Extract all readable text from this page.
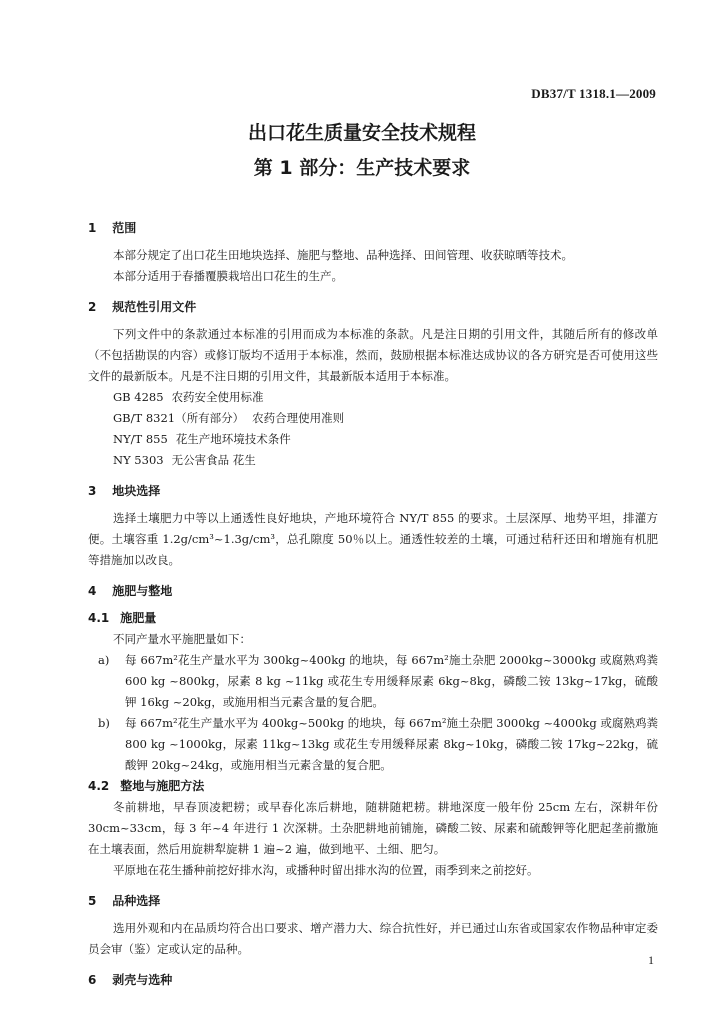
DB37/T 1318.1—2009
出口花生质量安全技术规程
第 1 部分：生产技术要求
1 范围
本部分规定了出口花生田地块选择、施肥与整地、品种选择、田间管理、收获晾晒等技术。
本部分适用于春播覆膜栽培出口花生的生产。
2 规范性引用文件
下列文件中的条款通过本标准的引用而成为本标准的条款。凡是注日期的引用文件，其随后所有的修改单（不包括勘误的内容）或修订版均不适用于本标准，然而，鼓励根据本标准达成协议的各方研究是否可使用这些文件的最新版本。凡是不注日期的引用文件，其最新版本适用于本标准。
GB 4285 农药安全使用标准
GB/T 8321（所有部分） 农药合理使用准则
NY/T 855 花生产地环境技术条件
NY 5303 无公害食品 花生
3 地块选择
选择土壤肥力中等以上通透性良好地块，产地环境符合 NY/T 855 的要求。土层深厚、地势平坦，排灌方便。土壤容重 1.2g/cm³~1.3g/cm³，总孔隙度 50％以上。通透性较差的土壤，可通过秸秆还田和增施有机肥等措施加以改良。
4 施肥与整地
4.1 施肥量
不同产量水平施肥量如下：
a) 每 667m²花生产量水平为 300kg~400kg 的地块，每 667m²施土杂肥 2000kg~3000kg 或腐熟鸡粪 600 kg ~800kg，尿素 8 kg ~11kg 或花生专用缓释尿素 6kg~8kg，磷酸二铵 13kg~17kg，硫酸钾 16kg ~20kg，或施用相当元素含量的复合肥。
b) 每 667m²花生产量水平为 400kg~500kg 的地块，每 667m²施土杂肥 3000kg ~4000kg 或腐熟鸡粪 800 kg ~1000kg，尿素 11kg~13kg 或花生专用缓释尿素 8kg~10kg，磷酸二铵 17kg~22kg，硫酸钾 20kg~24kg，或施用相当元素含量的复合肥。
4.2 整地与施肥方法
冬前耕地，早春顶凌耙耢；或早春化冻后耕地，随耕随耙耢。耕地深度一般年份 25cm 左右，深耕年份 30cm~33cm，每 3 年~4 年进行 1 次深耕。土杂肥耕地前铺施，磷酸二铵、尿素和硫酸钾等化肥起垄前撒施在土壤表面，然后用旋耕犁旋耕 1 遍~2 遍，做到地平、土细、肥匀。
平原地在花生播种前挖好排水沟，或播种时留出排水沟的位置，雨季到来之前挖好。
5 品种选择
选用外观和内在品质均符合出口要求、增产潜力大、综合抗性好，并已通过山东省或国家农作物品种审定委员会审（鉴）定或认定的品种。
6 剥壳与选种
1
